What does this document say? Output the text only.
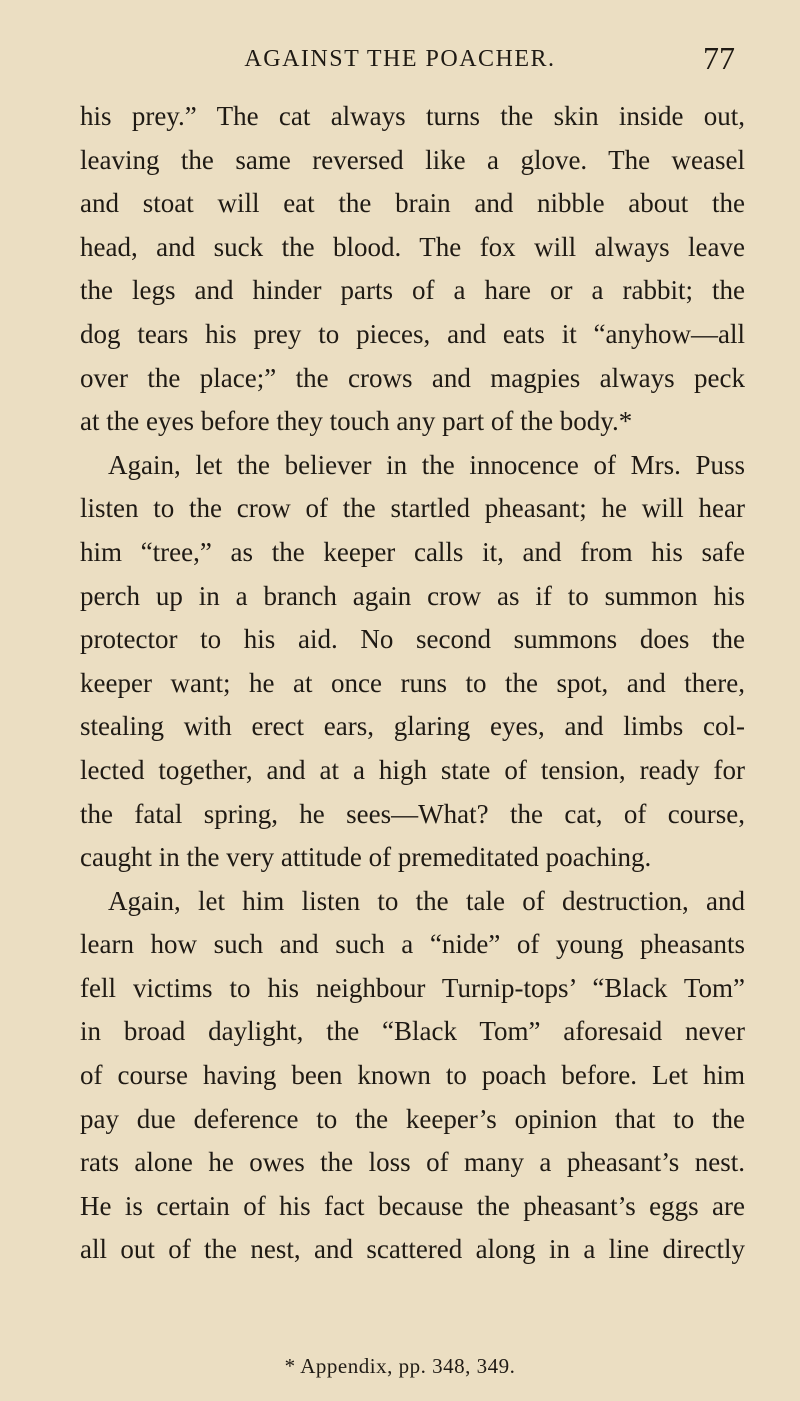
AGAINST THE POACHER.	77
his prey.” The cat always turns the skin inside out,
leaving the same reversed like a glove. The weasel
and stoat will eat the brain and nibble about the
head, and suck the blood. The fox will always leave
the legs and hinder parts of a hare or a rabbit; the
dog tears his prey to pieces, and eats it “anyhow—all
over the place;” the crows and magpies always peck
at the eyes before they touch any part of the body.*
Again, let the believer in the innocence of Mrs. Puss
listen to the crow of the startled pheasant; he will hear
him “tree,” as the keeper calls it, and from his safe
perch up in a branch again crow as if to summon his
protector to his aid. No second summons does the
keeper want; he at once runs to the spot, and there,
stealing with erect ears, glaring eyes, and limbs col-
lected together, and at a high state of tension, ready for
the fatal spring, he sees—What? the cat, of course,
caught in the very attitude of premeditated poaching.
Again, let him listen to the tale of destruction, and
learn how such and such a “nide” of young pheasants
fell victims to his neighbour Turnip-tops’ “Black Tom”
in broad daylight, the “Black Tom” aforesaid never
of course having been known to poach before. Let him
pay due deference to the keeper’s opinion that to the
rats alone he owes the loss of many a pheasant’s nest.
He is certain of his fact because the pheasant’s eggs are
all out of the nest, and scattered along in a line directly
* Appendix, pp. 348, 349.
